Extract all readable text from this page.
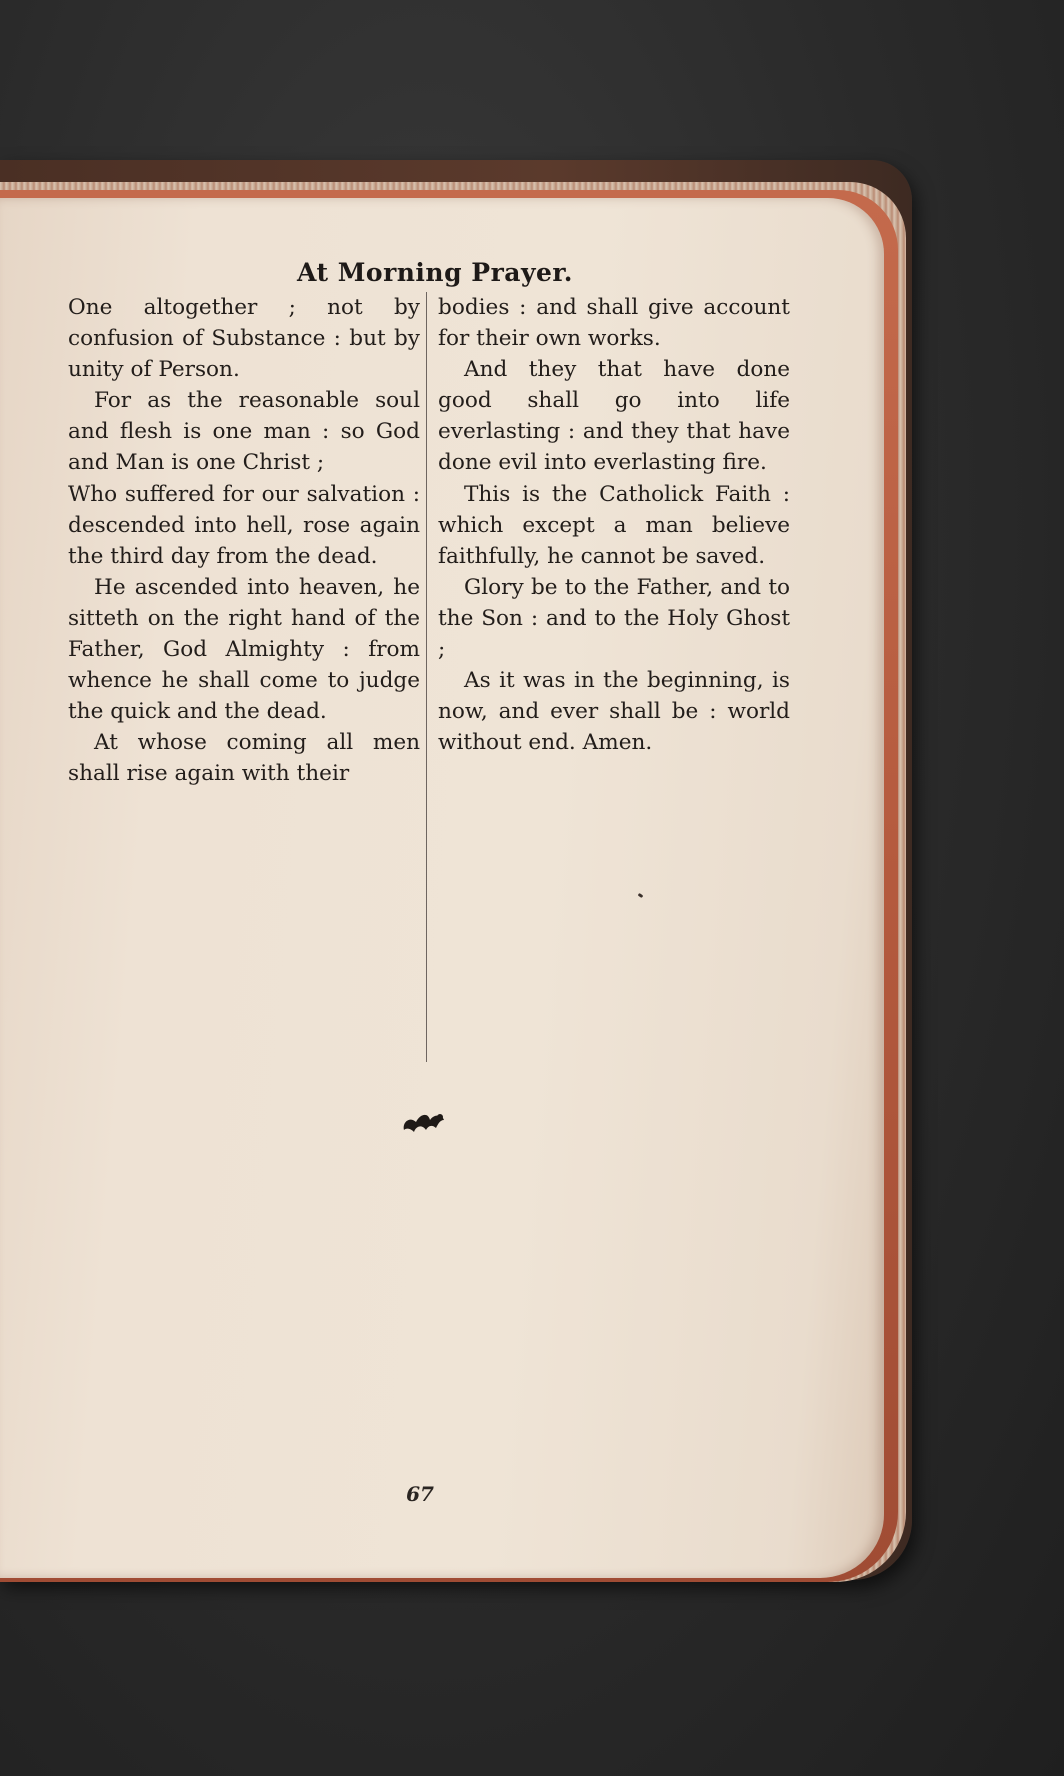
At Morning Prayer.

One altogether ; not by confusion of Substance : but by unity of Person.

For as the reasonable soul and flesh is one man : so God and Man is one Christ ;

Who suffered for our salvation : descended into hell, rose again the third day from the dead.

He ascended into heaven, he sitteth on the right hand of the Father, God Almighty : from whence he shall come to judge the quick and the dead.

At whose coming all men shall rise again with their

bodies : and shall give account for their own works.

And they that have done good shall go into life everlasting : and they that have done evil into everlasting fire.

This is the Catholick Faith : which except a man believe faithfully, he cannot be saved.

Glory be to the Father, and to the Son : and to the Holy Ghost ;

As it was in the beginning, is now, and ever shall be : world without end. Amen.

67
